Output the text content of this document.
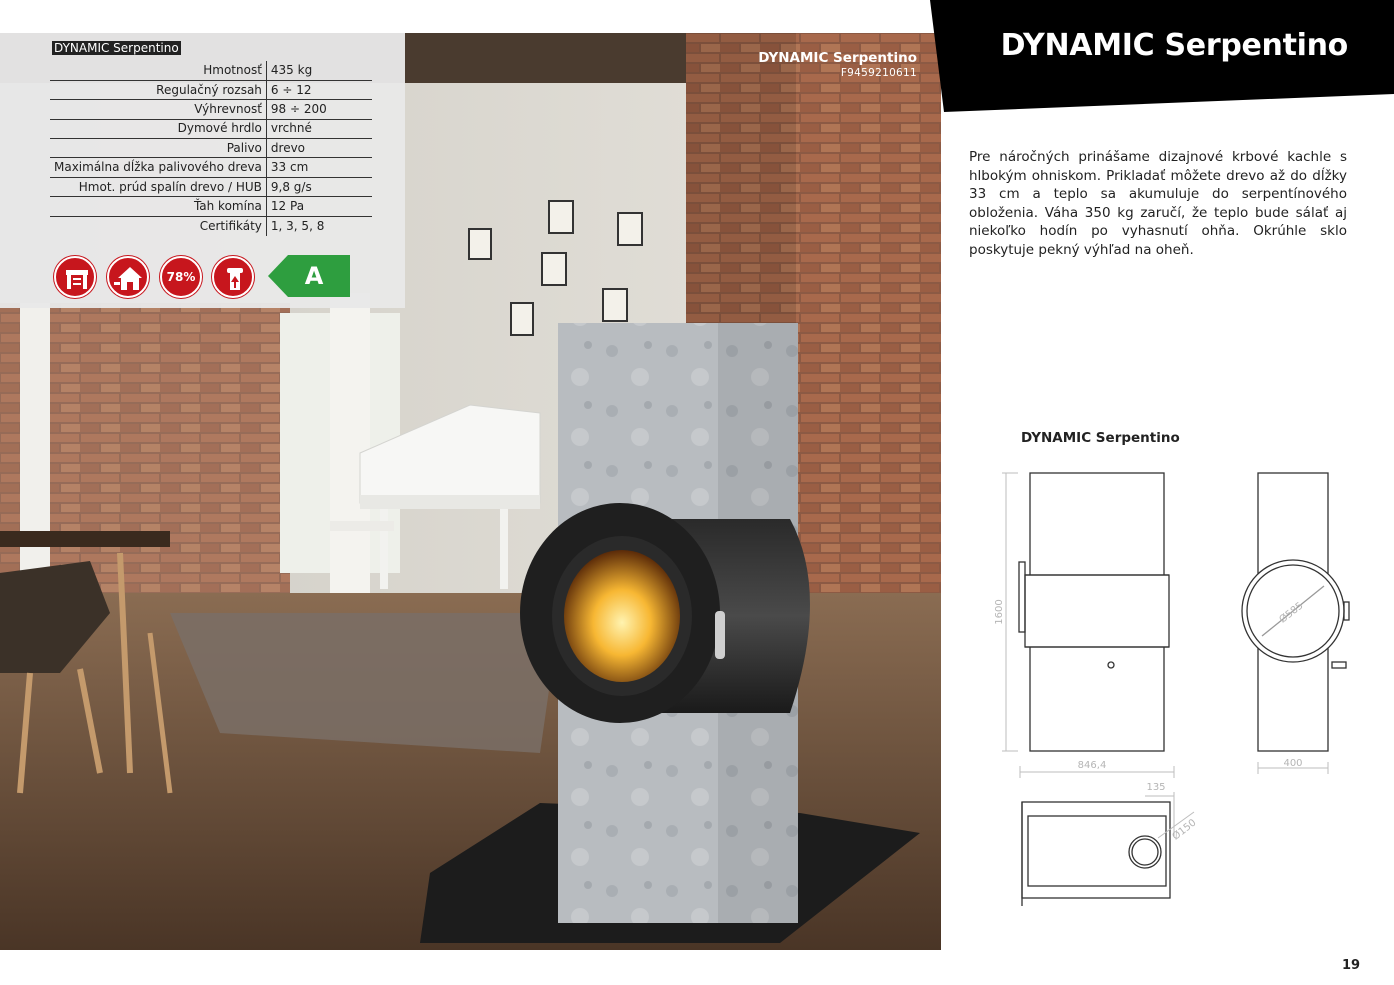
DYNAMIC Serpentino
Hmotnosť	435 kg
Regulačný rozsah	6 ÷ 12
Výhrevnosť	98 ÷ 200
Dymové hrdlo	vrchné
Palivo	drevo
Maximálna dĺžka palivového dreva	33 cm
Hmot. prúd spalín drevo / HUB	9,8 g/s
Ťah komína	12 Pa
Certifikáty	1, 3, 5, 8
78%	A
DYNAMIC Serpentino
F9459210611
DYNAMIC Serpentino
Pre náročných prinášame dizajnové krbové kachle s hlbokým ohniskom. Prikladať môžete drevo až do dĺžky 33 cm a teplo sa akumuluje do serpentínového obloženia. Váha 350 kg zaručí, že teplo bude sálať aj niekoľko hodín po vyhasnutí ohňa. Okrúhle sklo poskytuje pekný výhľad na oheň.
DYNAMIC Serpentino
1600
846,4	400
Ø585
135
Ø150
19
